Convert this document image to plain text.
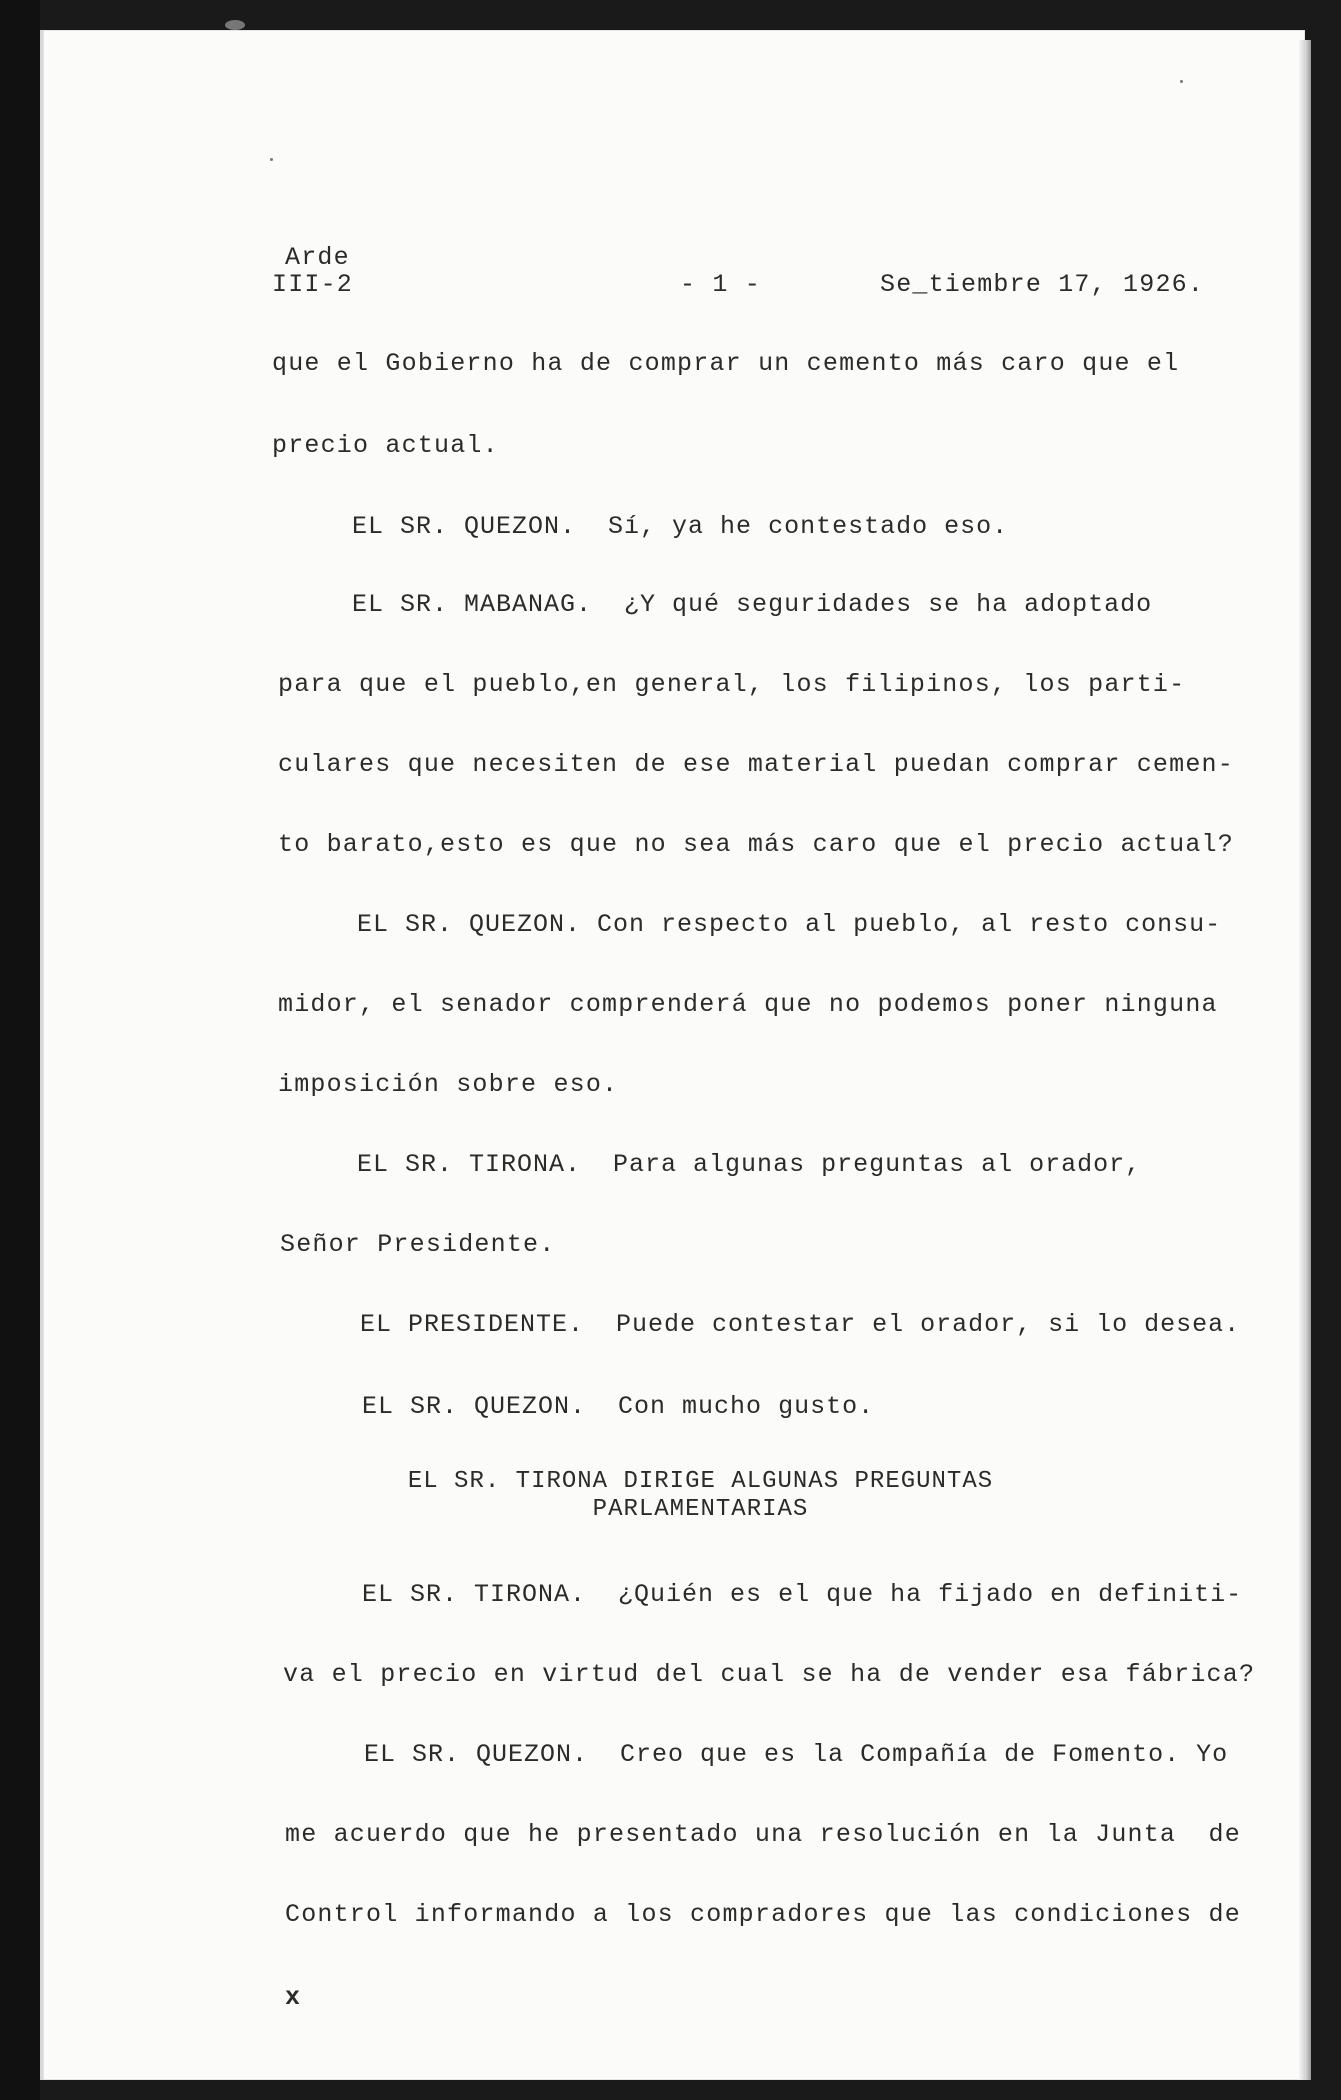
Arde
III-2	- 1 -	Se_tiembre 17, 1926.
que el Gobierno ha de comprar un cemento más caro que el
precio actual.
EL SR. QUEZON.  Sí, ya he contestado eso.
EL SR. MABANAG.  ¿Y qué seguridades se ha adoptado
para que el pueblo,en general, los filipinos, los parti-
culares que necesiten de ese material puedan comprar cemen-
to barato,esto es que no sea más caro que el precio actual?
EL SR. QUEZON. Con respecto al pueblo, al resto consu-
midor, el senador comprenderá que no podemos poner ninguna
imposición sobre eso.
EL SR. TIRONA.  Para algunas preguntas al orador,
Señor Presidente.
EL PRESIDENTE.  Puede contestar el orador, si lo desea.
EL SR. QUEZON.  Con mucho gusto.
EL SR. TIRONA DIRIGE ALGUNAS PREGUNTAS
PARLAMENTARIAS
EL SR. TIRONA.  ¿Quién es el que ha fijado en definiti-
va el precio en virtud del cual se ha de vender esa fábrica?
EL SR. QUEZON.  Creo que es la Compañía de Fomento. Yo
me acuerdo que he presentado una resolución en la Junta  de
Control informando a los compradores que las condiciones de
x
